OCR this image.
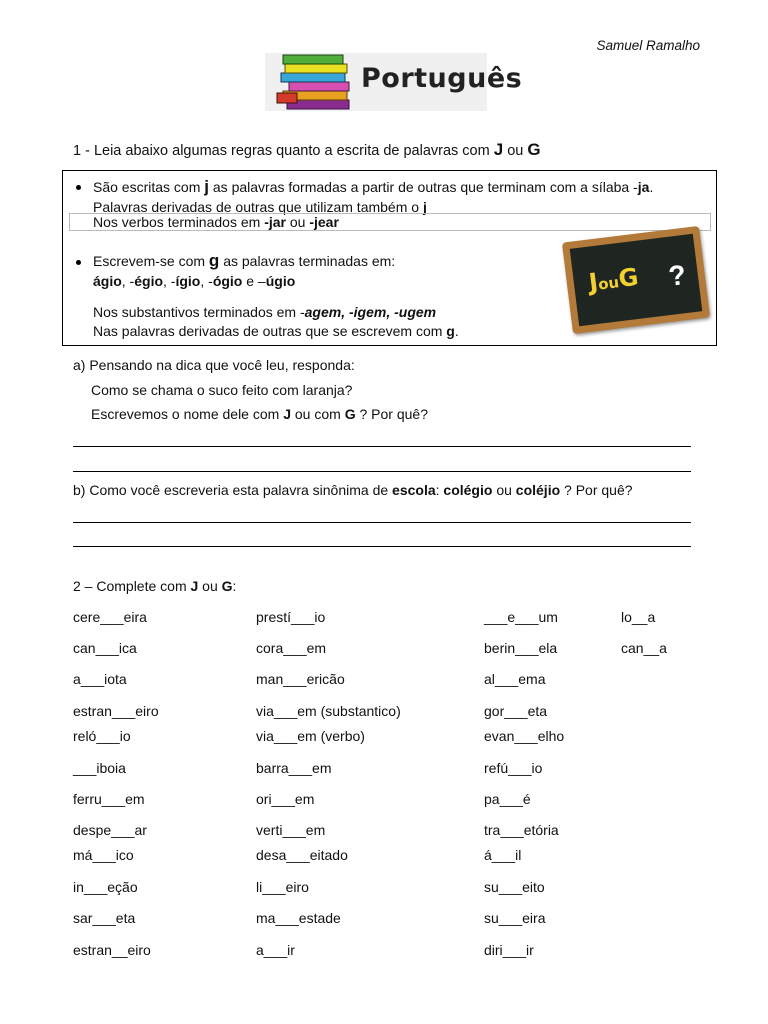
Samuel Ramalho
Português
1 - Leia abaixo algumas regras quanto a escrita de palavras com J ou G
São escritas com j as palavras formadas a partir de outras que terminam com a sílaba -ja.
Palavras derivadas de outras que utilizam também o j
Nos verbos terminados em -jar ou -jear
Escrevem-se com g as palavras terminadas em:
ágio, -égio, -ígio, -ógio e –úgio
Nos substantivos terminados em -agem, -igem, -ugem
Nas palavras derivadas de outras que se escrevem com g.
JouG ?
a) Pensando na dica que você leu, responda:
Como se chama o suco feito com laranja?
Escrevemos o nome dele com J ou com G ? Por quê?
b) Como você escreveria esta palavra sinônima de escola: colégio ou coléjio ? Por quê?
2 – Complete com J ou G:
cere___eira
can___ica
a___iota
estran___eiro
reló___io
___iboia
ferru___em
despe___ar
má___ico
in___eção
sar___eta
estran__eiro
prestí___io
cora___em
man___ericão
via___em (substantico)
via___em (verbo)
barra___em
ori___em
verti___em
desa___eitado
li___eiro
ma___estade
a___ir
___e___um
berin___ela
al___ema
gor___eta
evan___elho
refú___io
pa___é
tra___etória
á___il
su___eito
su___eira
diri___ir
lo__a
can__a
